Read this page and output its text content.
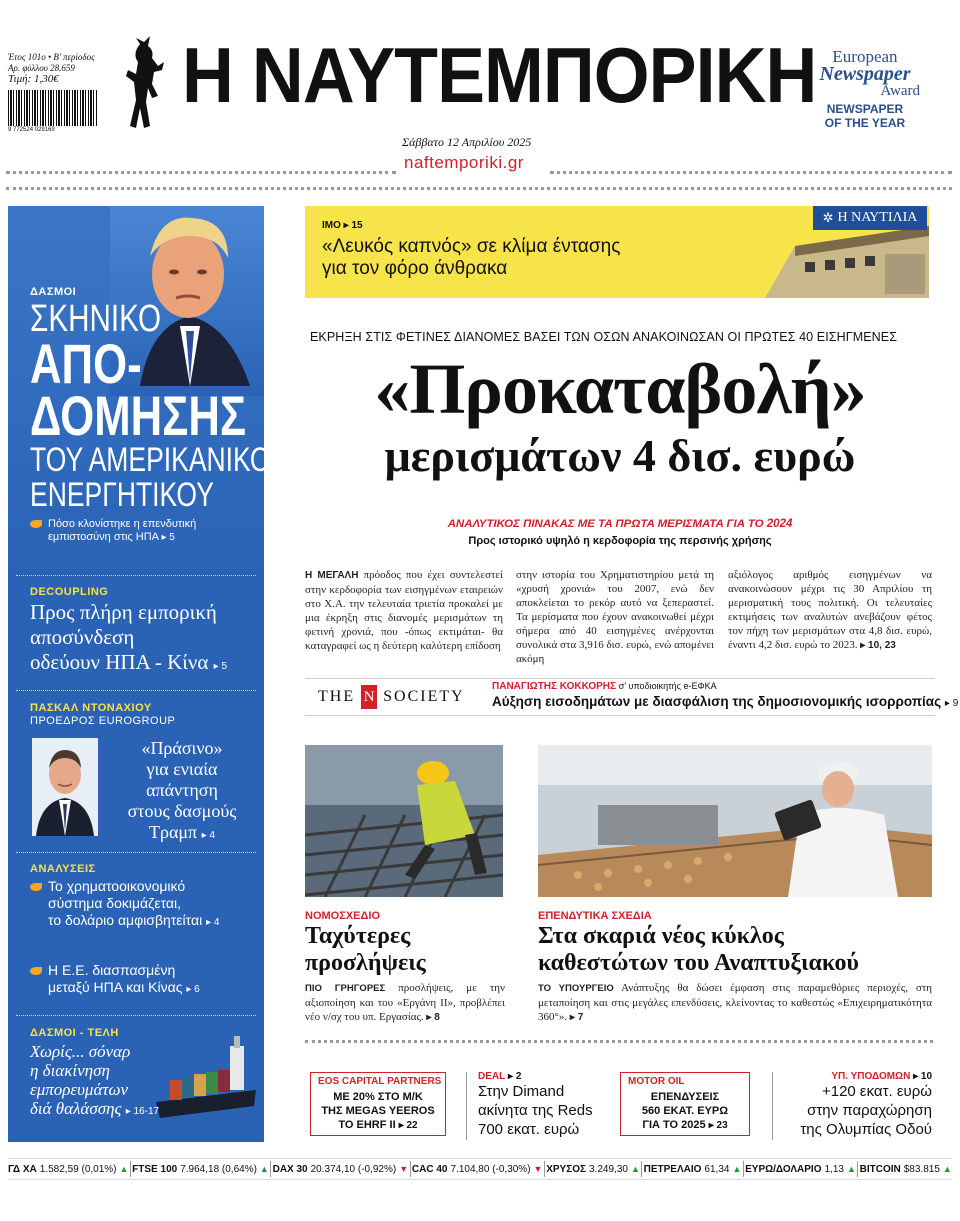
Έτος 101ο • Β' περίοδος
Αρ. φύλλου 28.659
Τιμή: 1,30€
9 772524 029169
Η ΝΑΥΤΕΜΠΟΡΙΚΗ
Σάββατο 12 Απριλίου 2025
naftemporiki.gr
European
Newspaper
Award
NEWSPAPER
OF THE YEAR
ΔΑΣΜΟΙ
ΣΚΗΝΙΚΟ
ΑΠΟ-
ΔΟΜΗΣΗΣ
ΤΟΥ ΑΜΕΡΙΚΑΝΙΚΟΥ
ΕΝΕΡΓΗΤΙΚΟΥ
Πόσο κλονίστηκε η επενδυτική
εμπιστοσύνη στις ΗΠΑ ▸ 5
DECOUPLING
Προς πλήρη εμπορική
αποσύνδεση
οδεύουν ΗΠΑ - Κίνα ▸ 5
ΠΑΣΚΑΛ ΝΤΟΝΑΧΙΟΥ
ΠΡΟΕΔΡΟΣ EUROGROUP
«Πράσινο»
για ενιαία
απάντηση
στους δασμούς
Τραμπ ▸ 4
ΑΝΑΛΥΣΕΙΣ
Το χρηματοοικονομικό
σύστημα δοκιμάζεται,
το δολάριο αμφισβητείται ▸ 4
Η Ε.Ε. διασπασμένη
μεταξύ ΗΠΑ και Κίνας ▸ 6
ΔΑΣΜΟΙ - ΤΕΛΗ
Χωρίς... σόναρ
η διακίνηση
εμπορευμάτων
διά θαλάσσης ▸ 16-17
IMO ▸ 15
«Λευκός καπνός» σε κλίμα έντασης
για τον φόρο άνθρακα
✲ Η ΝΑΥΤΙΛΙΑ
ΕΚΡΗΞΗ ΣΤΙΣ ΦΕΤΙΝΕΣ ΔΙΑΝΟΜΕΣ ΒΑΣΕΙ ΤΩΝ ΟΣΩΝ ΑΝΑΚΟΙΝΩΣΑΝ ΟΙ ΠΡΩΤΕΣ 40 ΕΙΣΗΓΜΕΝΕΣ
«Προκαταβολή»
μερισμάτων 4 δισ. ευρώ
ΑΝΑΛΥΤΙΚΟΣ ΠΙΝΑΚΑΣ ΜΕ ΤΑ ΠΡΩΤΑ ΜΕΡΙΣΜΑΤΑ ΓΙΑ ΤΟ 2024
Προς ιστορικό υψηλό η κερδοφορία της περσινής χρήσης
Η ΜΕΓΑΛΗ πρόοδος που έχει συντελεστεί στην κερδοφορία των εισηγμένων εταιρειών στο Χ.Α. την τελευταία τριετία προκαλεί με μια έκρηξη στις διανομές μερισμάτων τη φετινή χρονιά, που -όπως εκτιμάται- θα καταγραφεί ως η δεύτερη καλύτερη επίδοση
στην ιστορία του Χρηματιστηρίου μετά τη «χρυσή χρονιά» του 2007, ενώ δεν αποκλείεται το ρεκόρ αυτό να ξεπεραστεί. Τα μερίσματα που έχουν ανακοινωθεί μέχρι σήμερα από 40 εισηγμένες ανέρχονται συνολικά στα 3,916 δισ. ευρώ, ενώ απομένει ακόμη
αξιόλογος αριθμός εισηγμένων να ανακοινώσουν μέχρι τις 30 Απριλίου τη μερισματική τους πολιτική. Οι τελευταίες εκτιμήσεις των αναλυτών ανεβάζουν φέτος τον πήχη των μερισμάτων στα 4,8 δισ. ευρώ, έναντι 4,2 δισ. ευρώ το 2023. ▸ 10, 23
THE N SOCIETY
ΠΑΝΑΓΙΩΤΗΣ ΚΟΚΚΟΡΗΣ σ' υποδιοικητής e-ΕΦΚΑ
Αύξηση εισοδημάτων με διασφάλιση της δημοσιονομικής ισορροπίας ▸ 9
ΝΟΜΟΣΧΕΔΙΟ
Ταχύτερες
προσλήψεις
ΠΙΟ ΓΡΗΓΟΡΕΣ προσλήψεις, με την αξιοποίηση και του «Εργάνη ΙΙ», προβλέπει νέο ν/σχ του υπ. Εργασίας. ▸ 8
ΕΠΕΝΔΥΤΙΚΑ ΣΧΕΔΙΑ
Στα σκαριά νέος κύκλος
καθεστώτων του Αναπτυξιακού
ΤΟ ΥΠΟΥΡΓΕΙΟ Ανάπτυξης θα δώσει έμφαση στις παραμεθόριες περιοχές, στη μεταποίηση και στις μεγάλες επενδύσεις, κλείνοντας το καθεστώς «Επιχειρηματικότητα 360°». ▸ 7
EOS CAPITAL PARTNERS
ΜΕ 20% ΣΤΟ Μ/Κ
ΤΗΣ MEGAS YEEROS
ΤΟ EHRF II ▸ 22
DEAL ▸ 2
Στην Dimand
ακίνητα της Reds
700 εκατ. ευρώ
MOTOR OIL
ΕΠΕΝΔΥΣΕΙΣ
560 ΕΚΑΤ. ΕΥΡΩ
ΓΙΑ ΤΟ 2025 ▸ 23
ΥΠ. ΥΠΟΔΟΜΩΝ ▸ 10
+120 εκατ. ευρώ
στην παραχώρηση
της Ολυμπίας Οδού
ΓΔ ΧΑ 1.582,59 (0,01%) ▲ FTSE 100 7.964,18 (0,64%) ▲ DAX 30 20.374,10 (-0,92%) ▼ CAC 40 7.104,80 (-0,30%) ▼ ΧΡΥΣΟΣ 3.249,30 ▲ ΠΕΤΡΕΛΑΙΟ 61,34 ▲ ΕΥΡΩ/ΔΟΛΑΡΙΟ 1,13 ▲ BITCOIN $83.815 ▲
